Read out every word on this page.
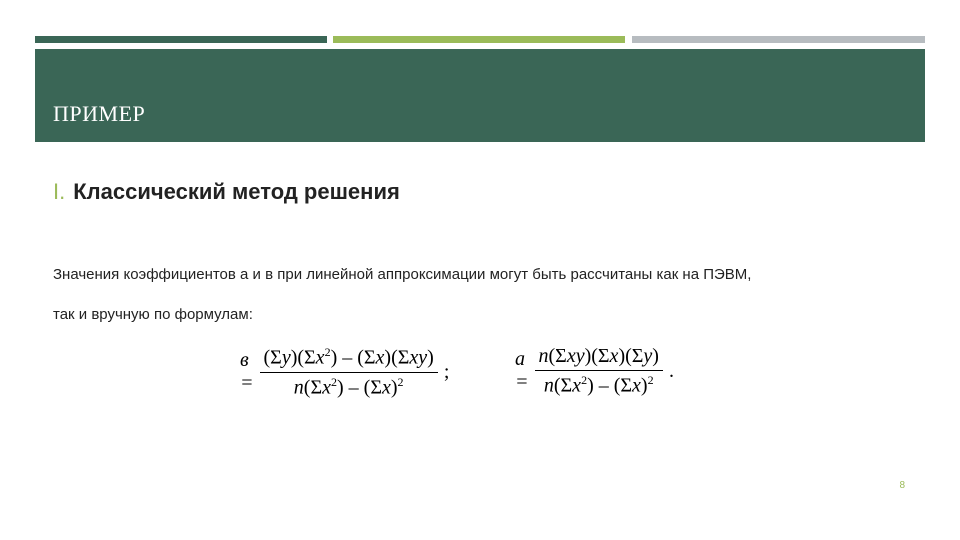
ПРИМЕР
I. Классический метод решения
Значения коэффициентов а и в при линейной аппроксимации могут быть рассчитаны как на ПЭВМ,
так и вручную по формулам:
$в = \frac{(\Sigma y)(\Sigma x^2) - (\Sigma x)(\Sigma xy)}{n(\Sigma x^2) - (\Sigma x)^2}$ ;
$a = \frac{\text{n(Σxy)(Σx)(Σy)}}{n(\Sigma x^2) - (\Sigma x)^2}$ .
8
